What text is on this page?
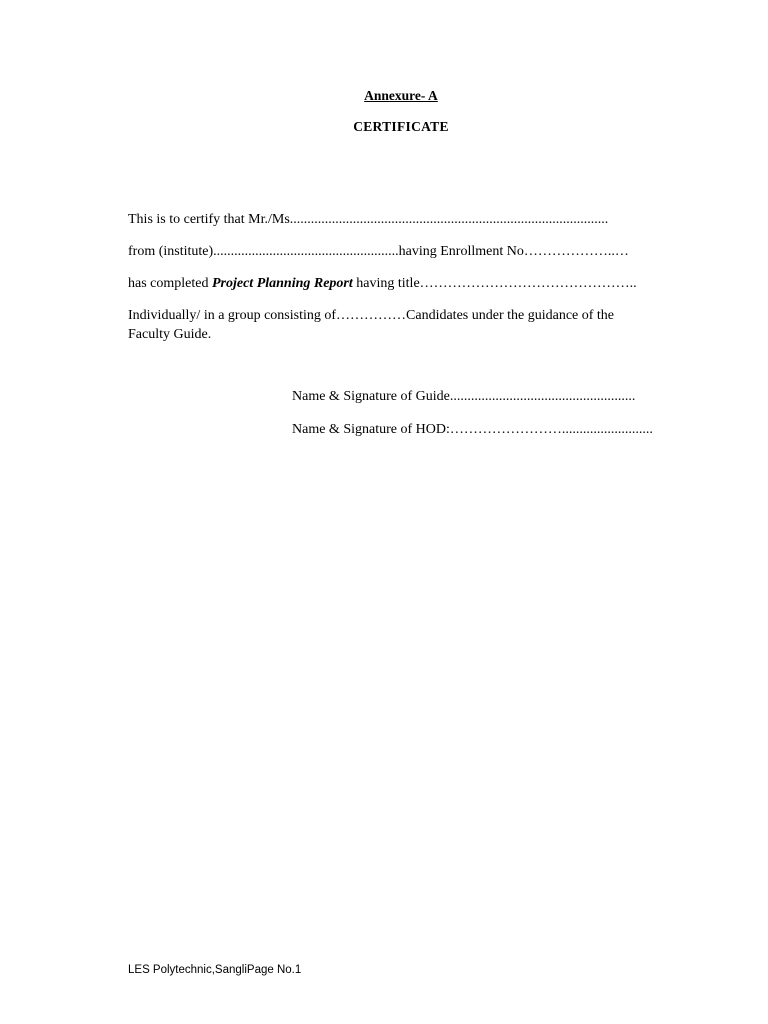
Annexure- A
CERTIFICATE
This is to certify that Mr./Ms...........................................................................................
from (institute).....................................................having Enrollment No………………..…
has completed Project Planning Report having title………………………………………..
Individually/ in a group consisting of……………Candidates under the guidance of the
Faculty Guide.
Name & Signature of Guide.....................................................
Name & Signature of HOD:……………………..........................
LES Polytechnic,SangliPage No.1
